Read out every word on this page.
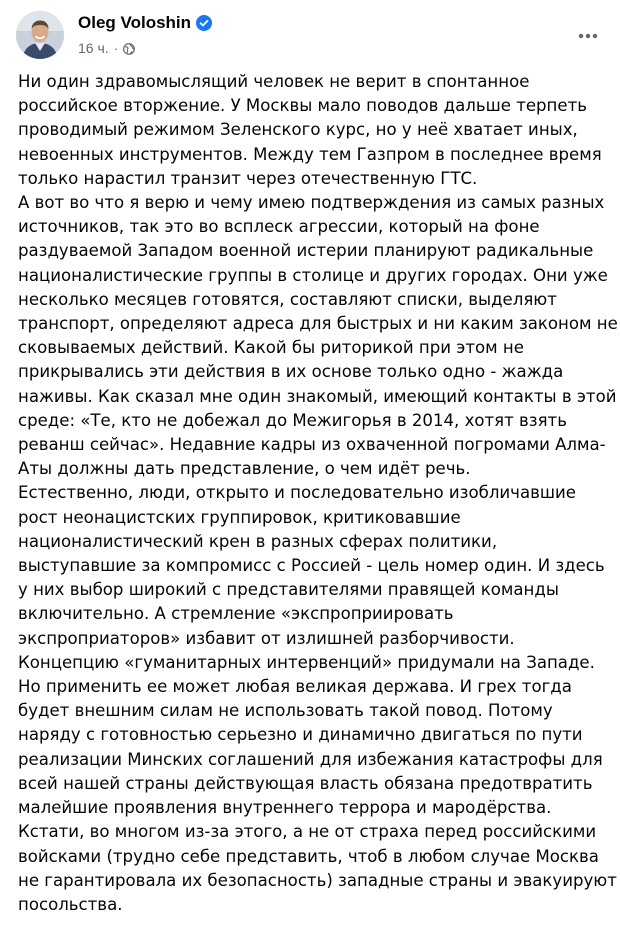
Oleg Voloshin
16 ч. ·
Ни один здравомыслящий человек не верит в спонтанное
российское вторжение. У Москвы мало поводов дальше терпеть
проводимый режимом Зеленского курс, но у неё хватает иных,
невоенных инструментов. Между тем Газпром в последнее время
только нарастил транзит через отечественную ГТС.
А вот во что я верю и чему имею подтверждения из самых разных
источников, так это во всплеск агрессии, который на фоне
раздуваемой Западом военной истерии планируют радикальные
националистические группы в столице и других городах. Они уже
несколько месяцев готовятся, составляют списки, выделяют
транспорт, определяют адреса для быстрых и ни каким законом не
сковываемых действий. Какой бы риторикой при этом не
прикрывались эти действия в их основе только одно - жажда
наживы. Как сказал мне один знакомый, имеющий контакты в этой
среде: «Те, кто не добежал до Межигорья в 2014, хотят взять
реванш сейчас». Недавние кадры из охваченной погромами Алма-
Аты должны дать представление, о чем идёт речь.
Естественно, люди, открыто и последовательно изобличавшие
рост неонацистских группировок, критиковавшие
националистический крен в разных сферах политики,
выступавшие за компромисс с Россией - цель номер один. И здесь
у них выбор широкий с представителями правящей команды
включительно. А стремление «экспроприировать
экспроприаторов» избавит от излишней разборчивости.
Концепцию «гуманитарных интервенций» придумали на Западе.
Но применить ее может любая великая держава. И грех тогда
будет внешним силам не использовать такой повод. Потому
наряду с готовностью серьезно и динамично двигаться по пути
реализации Минских соглашений для избежания катастрофы для
всей нашей страны действующая власть обязана предотвратить
малейшие проявления внутреннего террора и мародёрства.
Кстати, во многом из-за этого, а не от страха перед российскими
войсками (трудно себе представить, чтоб в любом случае Москва
не гарантировала их безопасность) западные страны и эвакуируют
посольства.
